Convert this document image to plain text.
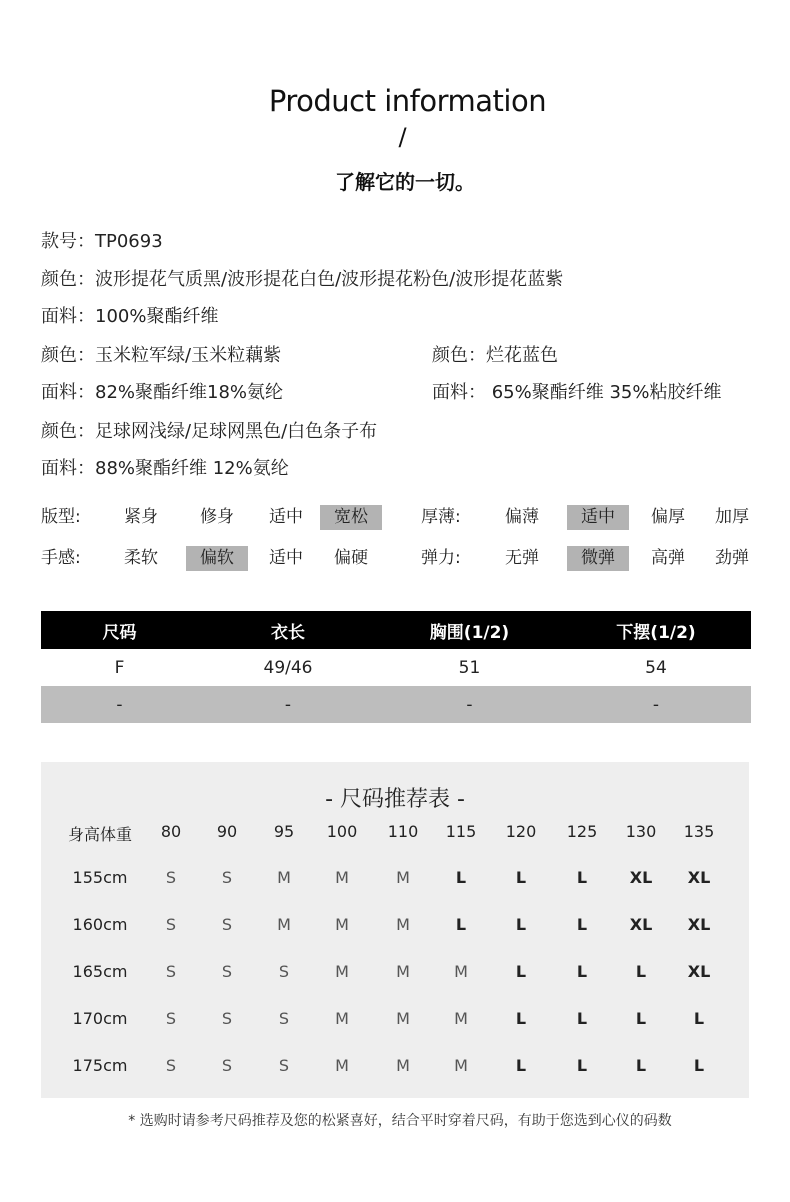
Product information
/
了解它的一切。
款号：TP0693
颜色：波形提花气质黑/波形提花白色/波形提花粉色/波形提花蓝紫
面料：100%聚酯纤维
颜色：玉米粒军绿/玉米粒藕紫	颜色：烂花蓝色
面料：82%聚酯纤维18%氨纶	面料： 65%聚酯纤维 35%粘胶纤维
颜色：足球网浅绿/足球网黑色/白色条子布
面料：88%聚酯纤维 12%氨纶
版型:	紧身	修身	适中	宽松	厚薄:	偏薄	适中	偏厚	加厚
手感:	柔软	偏软	适中	偏硬	弹力:	无弹	微弹	高弹	劲弹
尺码	衣长	胸围(1/2)	下摆(1/2)
F	49/46	51	54
-	-	-	-
- 尺码推荐表 -
身高体重	80	90	95	100	110	115	120	125	130	135
155cm	S	S	M	M	M	L	L	L	XL	XL
160cm	S	S	M	M	M	L	L	L	XL	XL
165cm	S	S	S	M	M	M	L	L	L	XL
170cm	S	S	S	M	M	M	L	L	L	L
175cm	S	S	S	M	M	M	L	L	L	L
* 选购时请参考尺码推荐及您的松紧喜好，结合平时穿着尺码，有助于您选到心仪的码数
